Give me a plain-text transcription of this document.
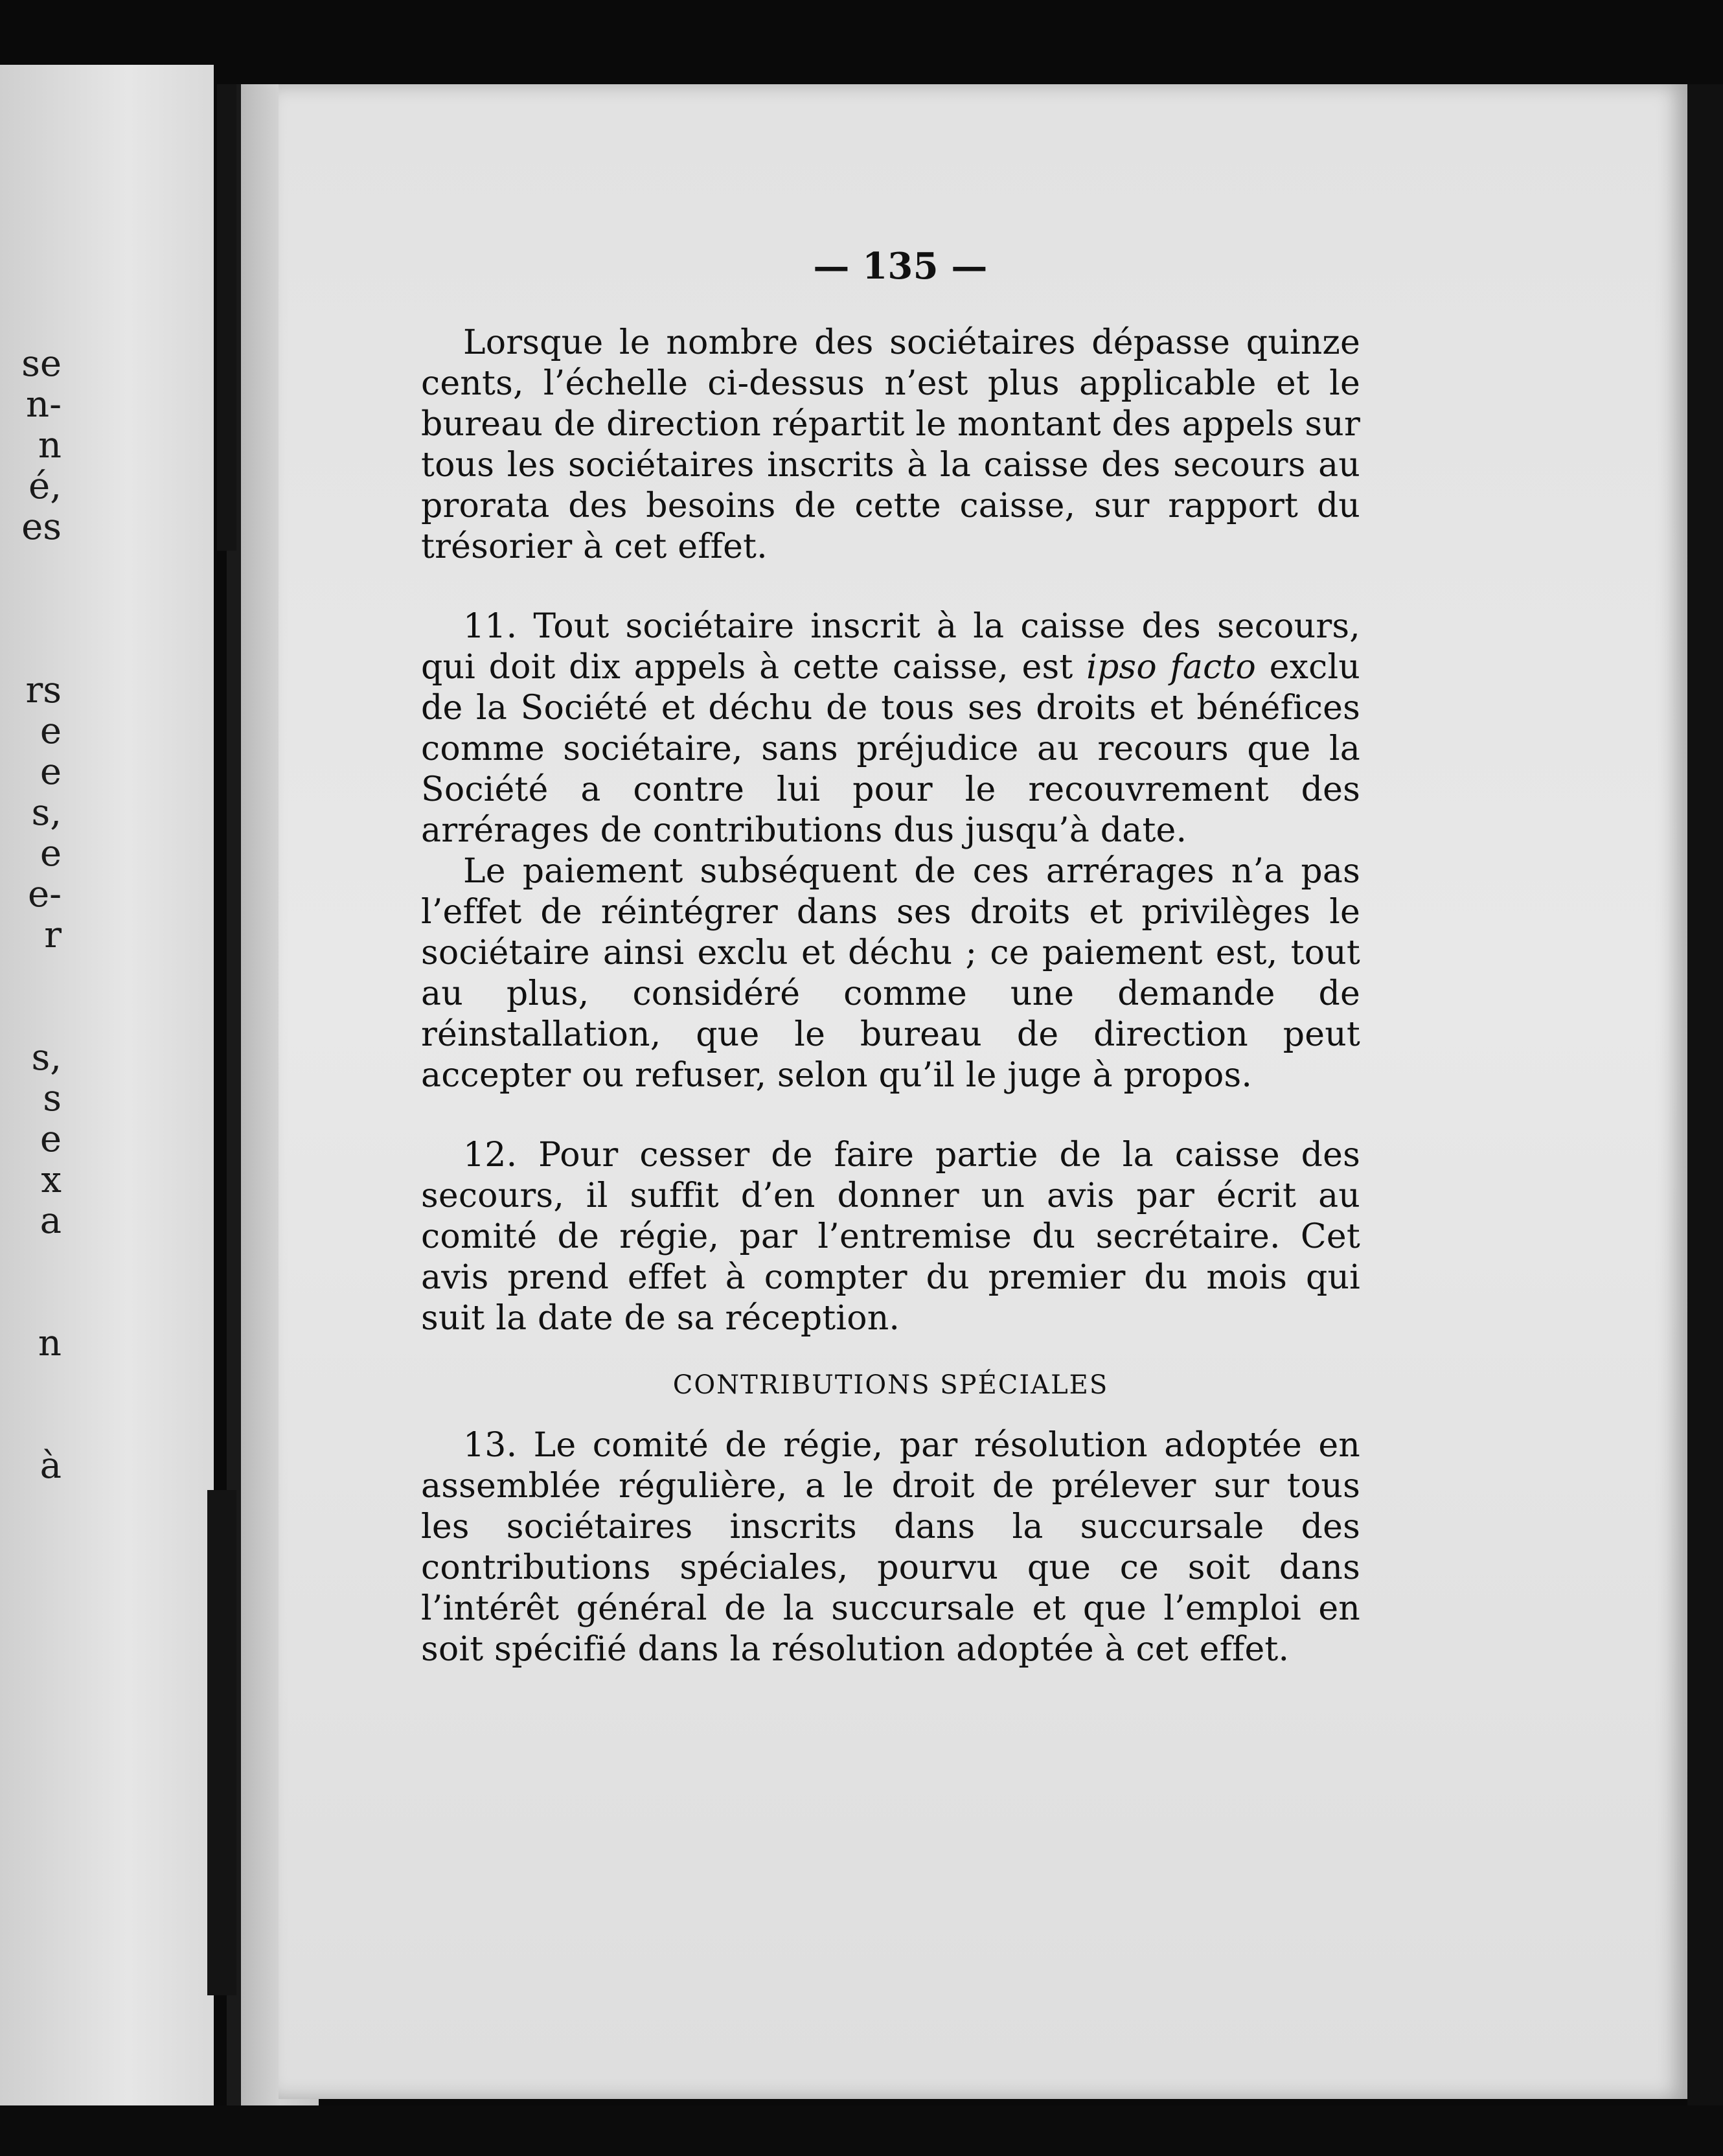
se
n-
n
é,
es
rs
e
e
s,
e
e-
r
s,
s
e
x
a
n
à
— 135 —

Lorsque le nombre des sociétaires dépasse quinze cents, l’échelle ci-dessus n’est plus applicable et le bureau de direction répartit le montant des appels sur tous les sociétaires inscrits à la caisse des secours au prorata des besoins de cette caisse, sur rapport du trésorier à cet effet.

11. Tout sociétaire inscrit à la caisse des secours, qui doit dix appels à cette caisse, est ipso facto exclu de la Société et déchu de tous ses droits et bénéfices comme sociétaire, sans préjudice au recours que la Société a contre lui pour le recouvrement des arrérages de contributions dus jusqu’à date.

Le paiement subséquent de ces arrérages n’a pas l’effet de réintégrer dans ses droits et privilèges le sociétaire ainsi exclu et déchu ; ce paiement est, tout au plus, considéré comme une demande de réinstallation, que le bureau de direction peut accepter ou refuser, selon qu’il le juge à propos.

12. Pour cesser de faire partie de la caisse des secours, il suffit d’en donner un avis par écrit au comité de régie, par l’entremise du secrétaire. Cet avis prend effet à compter du premier du mois qui suit la date de sa réception.

CONTRIBUTIONS SPÉCIALES

13. Le comité de régie, par résolution adoptée en assemblée régulière, a le droit de prélever sur tous les sociétaires inscrits dans la succursale des contributions spéciales, pourvu que ce soit dans l’intérêt général de la succursale et que l’emploi en soit spécifié dans la résolution adoptée à cet effet.
